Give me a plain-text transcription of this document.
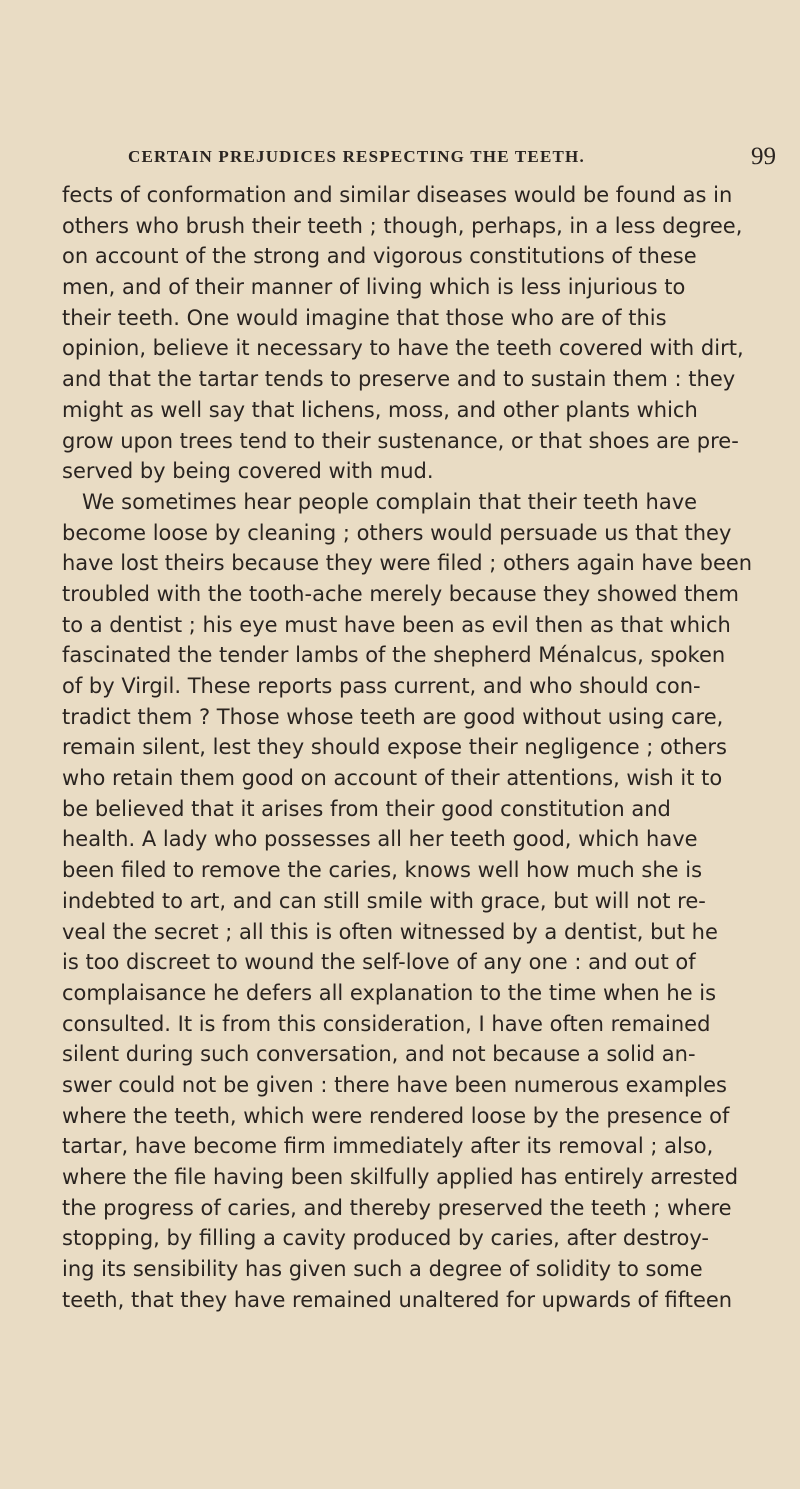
CERTAIN PREJUDICES RESPECTING THE TEETH.	99
fects of conformation and similar diseases would be found as in
others who brush their teeth ; though, perhaps, in a less degree,
on account of the strong and vigorous constitutions of these
men, and of their manner of living which is less injurious to
their teeth. One would imagine that those who are of this
opinion, believe it necessary to have the teeth covered with dirt,
and that the tartar tends to preserve and to sustain them : they
might as well say that lichens, moss, and other plants which
grow upon trees tend to their sustenance, or that shoes are pre-
served by being covered with mud.
We sometimes hear people complain that their teeth have
become loose by cleaning ; others would persuade us that they
have lost theirs because they were filed ; others again have been
troubled with the tooth-ache merely because they showed them
to a dentist ; his eye must have been as evil then as that which
fascinated the tender lambs of the shepherd Ménalcus, spoken
of by Virgil. These reports pass current, and who should con-
tradict them ? Those whose teeth are good without using care,
remain silent, lest they should expose their negligence ; others
who retain them good on account of their attentions, wish it to
be believed that it arises from their good constitution and
health. A lady who possesses all her teeth good, which have
been filed to remove the caries, knows well how much she is
indebted to art, and can still smile with grace, but will not re-
veal the secret ; all this is often witnessed by a dentist, but he
is too discreet to wound the self-love of any one : and out of
complaisance he defers all explanation to the time when he is
consulted. It is from this consideration, I have often remained
silent during such conversation, and not because a solid an-
swer could not be given : there have been numerous examples
where the teeth, which were rendered loose by the presence of
tartar, have become firm immediately after its removal ; also,
where the file having been skilfully applied has entirely arrested
the progress of caries, and thereby preserved the teeth ; where
stopping, by filling a cavity produced by caries, after destroy-
ing its sensibility has given such a degree of solidity to some
teeth, that they have remained unaltered for upwards of fifteen
